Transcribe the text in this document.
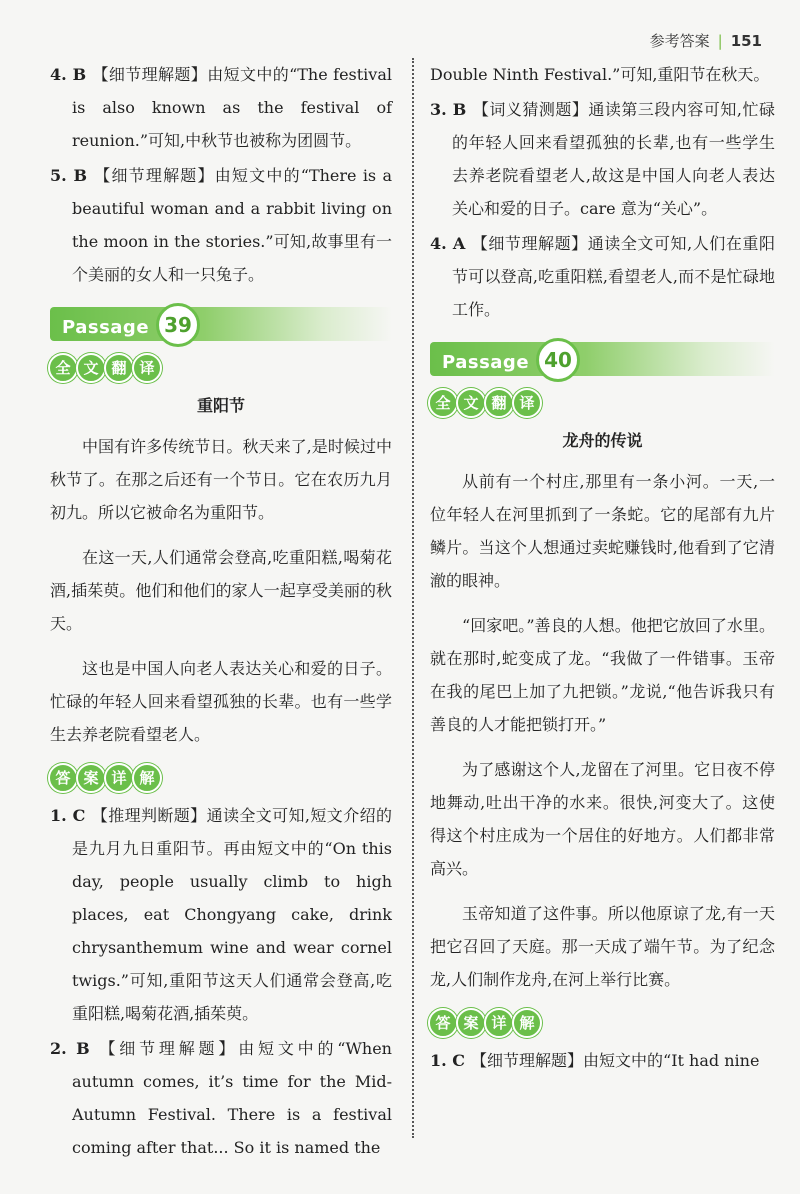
参考答案 | 151
4. B 【细节理解题】由短文中的“The festival is also known as the festival of reunion.”可知,中秋节也被称为团圆节。
5. B 【细节理解题】由短文中的“There is a beautiful woman and a rabbit living on the moon in the stories.”可知,故事里有一个美丽的女人和一只兔子。
Passage 39
全 文 翻 译
重阳节

中国有许多传统节日。秋天来了,是时候过中秋节了。在那之后还有一个节日。它在农历九月初九。所以它被命名为重阳节。

在这一天,人们通常会登高,吃重阳糕,喝菊花酒,插茱萸。他们和他们的家人一起享受美丽的秋天。

这也是中国人向老人表达关心和爱的日子。忙碌的年轻人回来看望孤独的长辈。也有一些学生去养老院看望老人。

答 案 详 解
1. C 【推理判断题】通读全文可知,短文介绍的是九月九日重阳节。再由短文中的“On this day, people usually climb to high places, eat Chongyang cake, drink chrysanthemum wine and wear cornel twigs.”可知,重阳节这天人们通常会登高,吃重阳糕,喝菊花酒,插茱萸。
2. B 【细节理解题】由短文中的“When autumn comes, it’s time for the Mid-Autumn Festival. There is a festival coming after that... So it is named the
Double Ninth Festival.”可知,重阳节在秋天。
3. B 【词义猜测题】通读第三段内容可知,忙碌的年轻人回来看望孤独的长辈,也有一些学生去养老院看望老人,故这是中国人向老人表达关心和爱的日子。care 意为“关心”。
4. A 【细节理解题】通读全文可知,人们在重阳节可以登高,吃重阳糕,看望老人,而不是忙碌地工作。
Passage 40
全 文 翻 译
龙舟的传说

从前有一个村庄,那里有一条小河。一天,一位年轻人在河里抓到了一条蛇。它的尾部有九片鳞片。当这个人想通过卖蛇赚钱时,他看到了它清澈的眼神。

“回家吧。”善良的人想。他把它放回了水里。就在那时,蛇变成了龙。“我做了一件错事。玉帝在我的尾巴上加了九把锁。”龙说,“他告诉我只有善良的人才能把锁打开。”

为了感谢这个人,龙留在了河里。它日夜不停地舞动,吐出干净的水来。很快,河变大了。这使得这个村庄成为一个居住的好地方。人们都非常高兴。

玉帝知道了这件事。所以他原谅了龙,有一天把它召回了天庭。那一天成了端午节。为了纪念龙,人们制作龙舟,在河上举行比赛。

答 案 详 解
1. C 【细节理解题】由短文中的“It had nine
